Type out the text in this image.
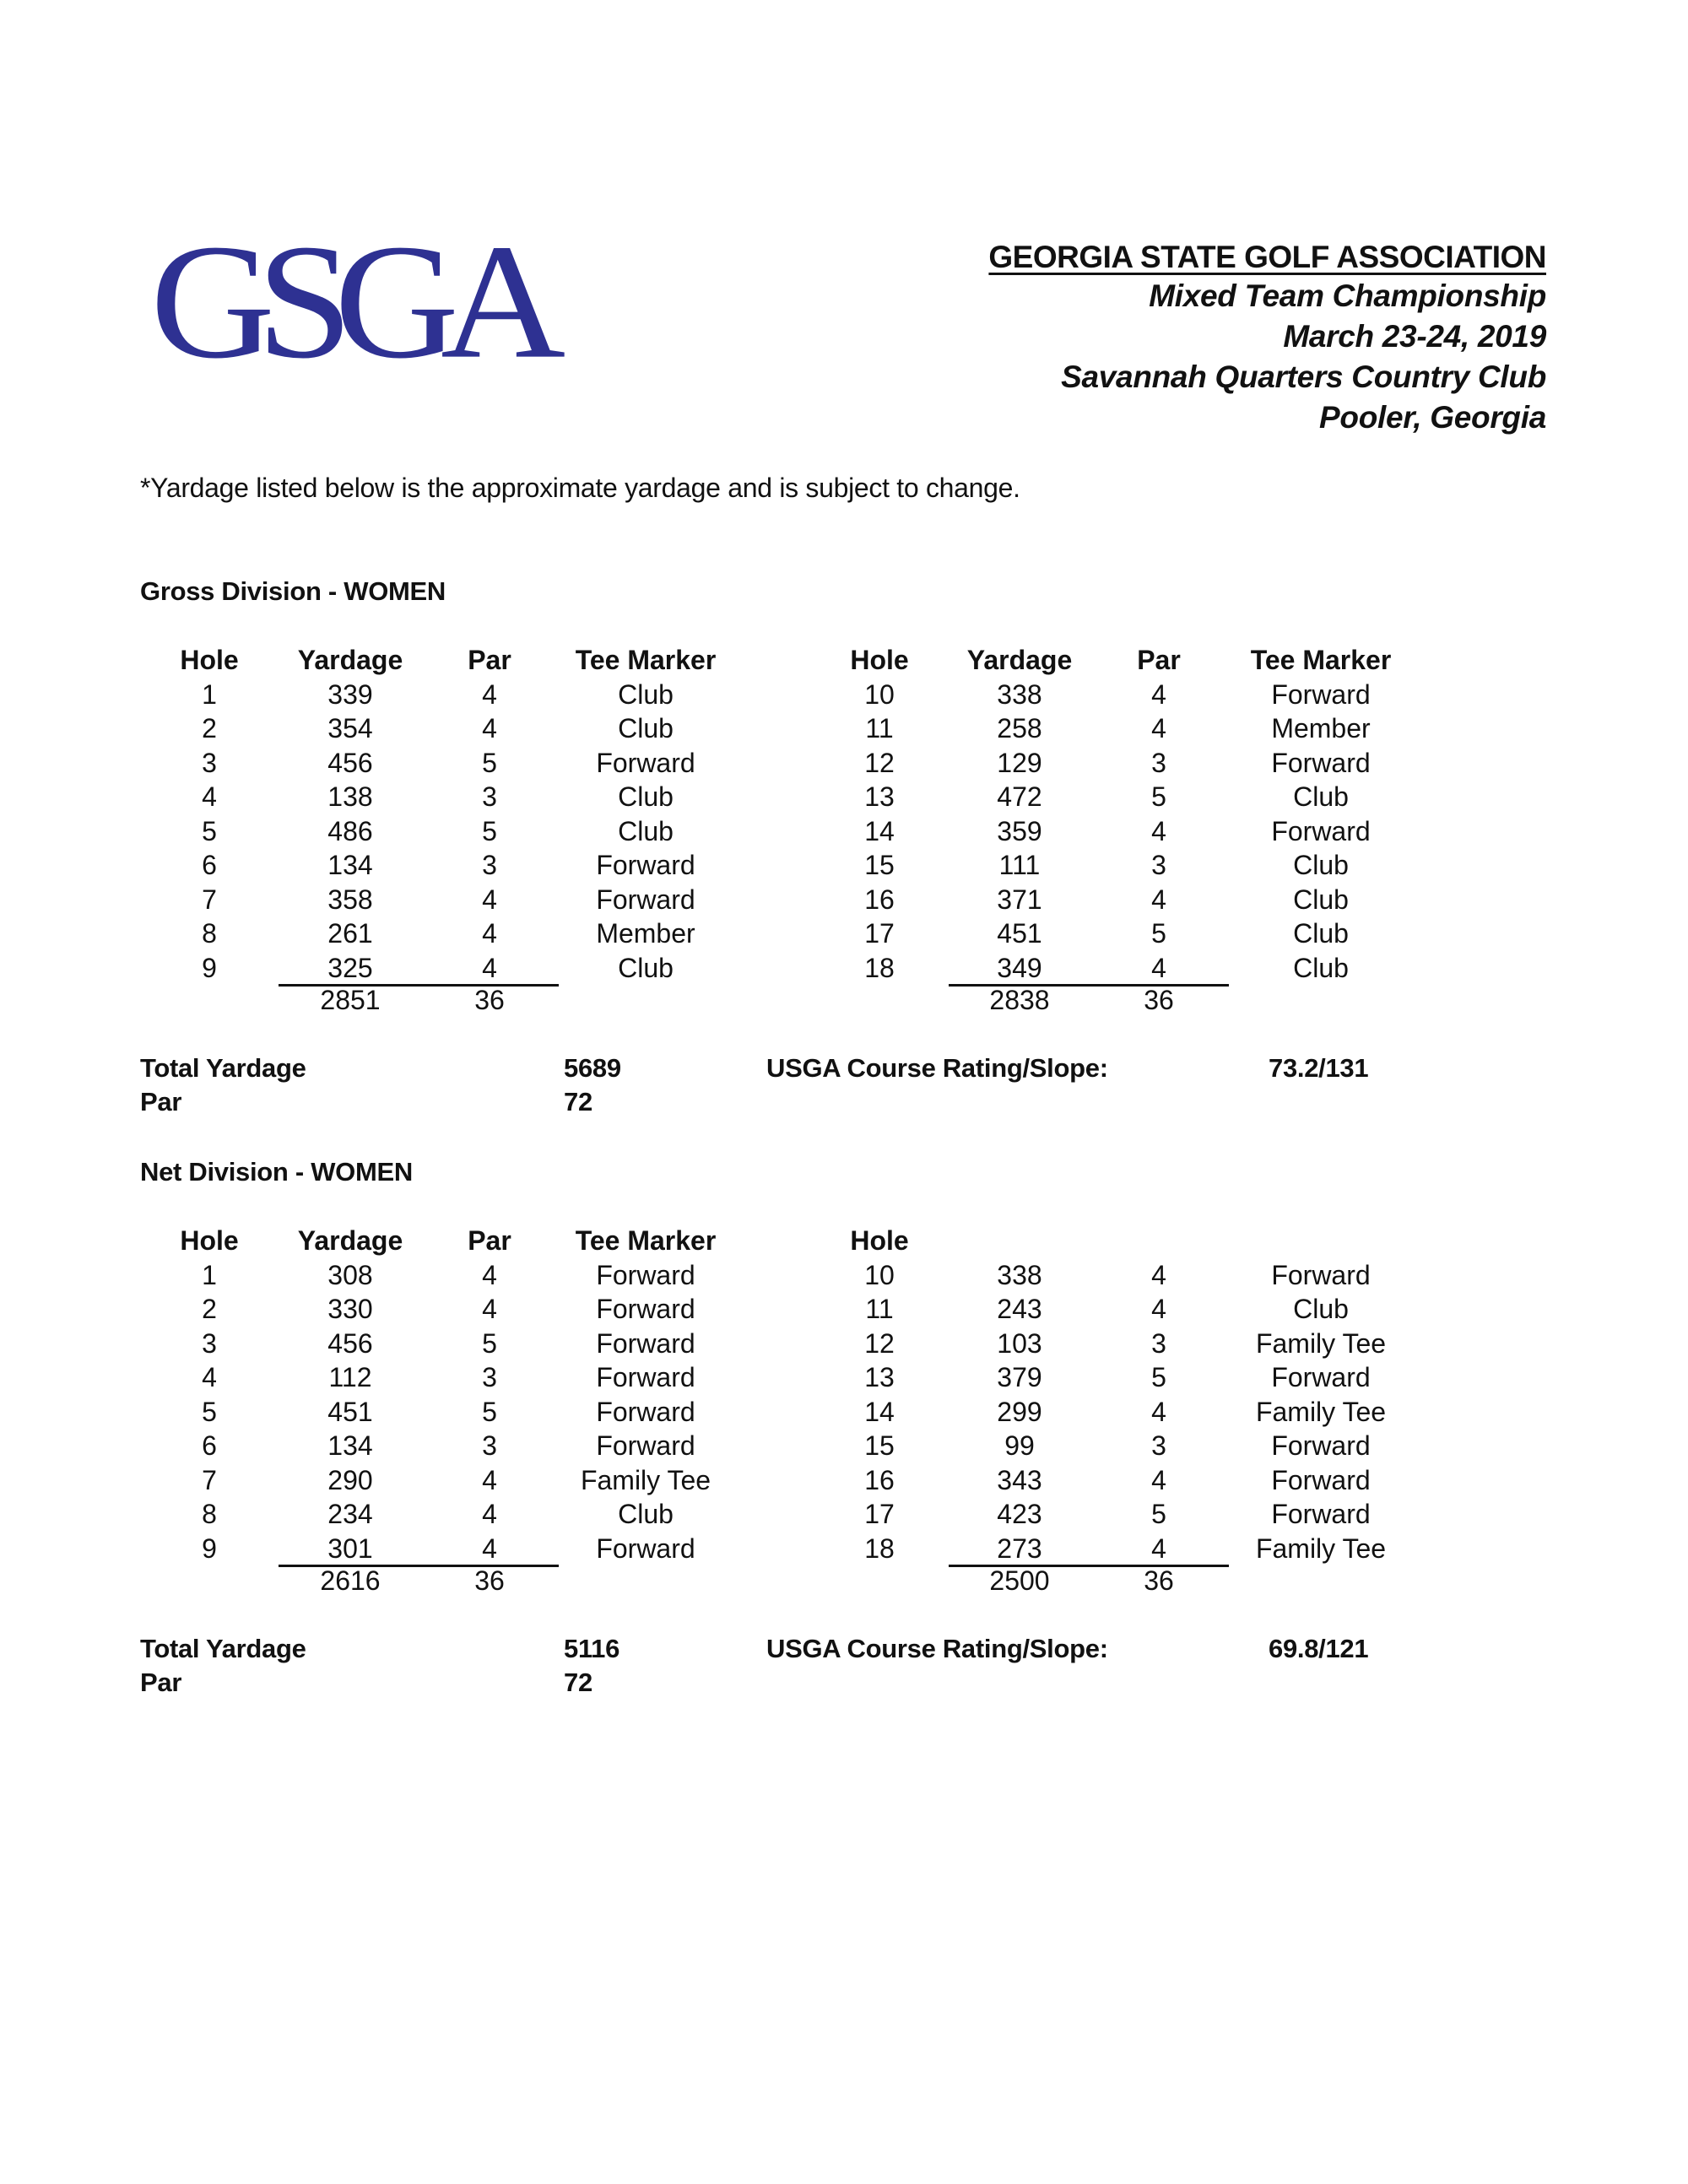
GSGA	GEORGIA STATE GOLF ASSOCIATION
Mixed Team Championship
March 23-24, 2019
Savannah Quarters Country Club
Pooler, Georgia
*Yardage listed below is the approximate yardage and is subject to change.
Gross Division - WOMEN
Hole Yardage Par Tee Marker
1	339	4	Club
2	354	4	Club
3	456	5	Forward
4	138	3	Club
5	486	5	Club
6	134	3	Forward
7	358	4	Forward
8	261	4	Member
9	325	4	Club
2851	36
Hole Yardage Par	Tee Marker
10	338	4	Forward
11	258	4	Member
12	129	3	Forward
13	472	5	Club
14	359	4	Forward
15	111	3	Club
16	371	4	Club
17	451	5	Club
18	349	4	Club
2838	36
Total Yardage	5689	USGA Course Rating/Slope:	73.2/131
Par	72
Net Division - WOMEN
Hole Yardage Par Tee Marker
1	308	4	Forward
2	330	4	Forward
3	456	5	Forward
4	112	3	Forward
5	451	5	Forward
6	134	3	Forward
7	290	4	Family Tee
8	234	4	Club
9	301	4	Forward
2616	36
Hole
10	338	4	Forward
11	243	4	Club
12	103	3	Family Tee
13	379	5	Forward
14	299	4	Family Tee
15	99	3	Forward
16	343	4	Forward
17	423	5	Forward
18	273	4	Family Tee
2500	36
Total Yardage	5116	USGA Course Rating/Slope:	69.8/121
Par	72
